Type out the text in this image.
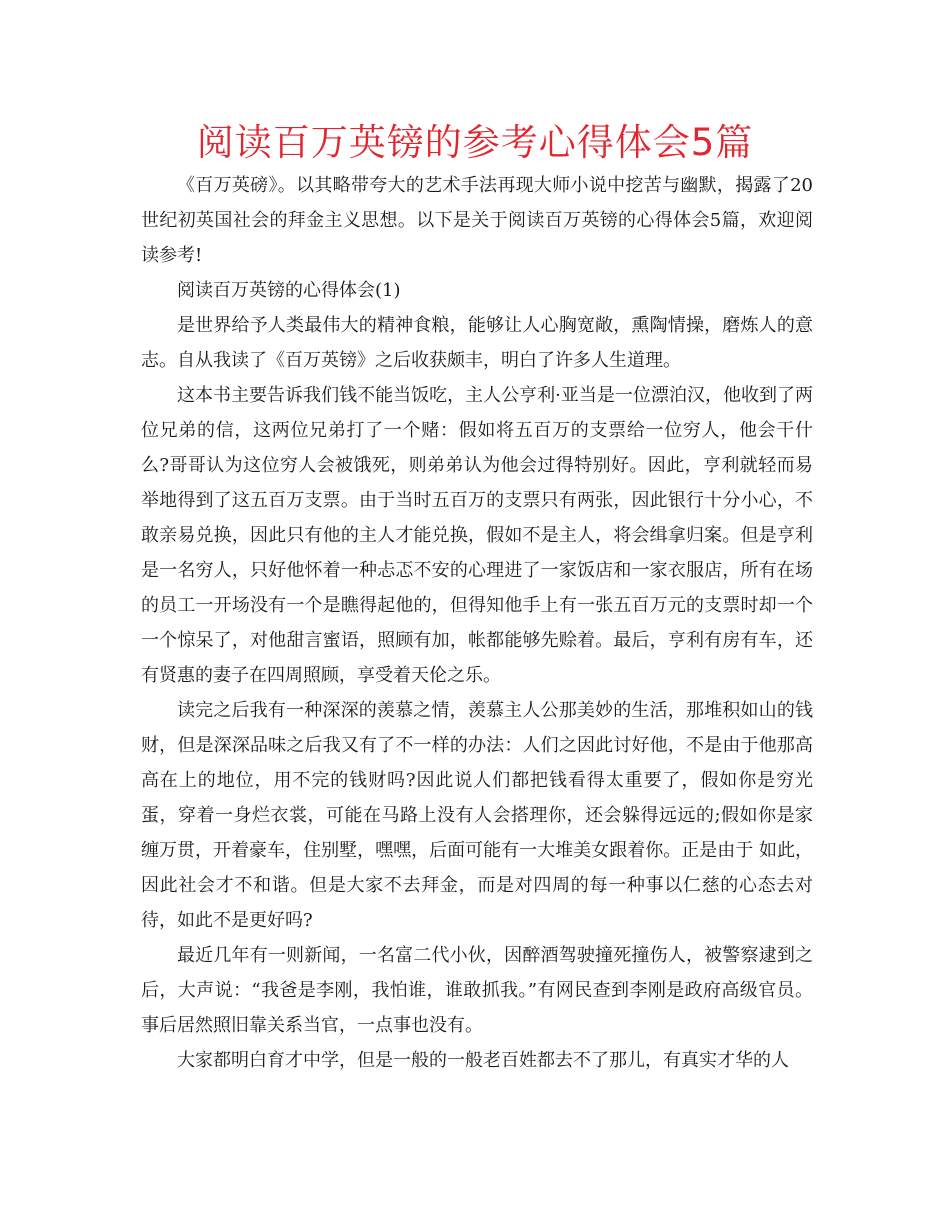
阅读百万英镑的参考心得体会5篇

《百万英磅》。以其略带夸大的艺术手法再现大师小说中挖苦与幽默，揭露了20世纪初英国社会的拜金主义思想。以下是关于阅读百万英镑的心得体会5篇，欢迎阅读参考!

阅读百万英镑的心得体会(1)

是世界给予人类最伟大的精神食粮，能够让人心胸宽敞，熏陶情操，磨炼人的意志。自从我读了《百万英镑》之后收获颇丰，明白了许多人生道理。

这本书主要告诉我们钱不能当饭吃，主人公亨利·亚当是一位漂泊汉，他收到了两位兄弟的信，这两位兄弟打了一个赌：假如将五百万的支票给一位穷人，他会干什么?哥哥认为这位穷人会被饿死，则弟弟认为他会过得特别好。因此，亨利就轻而易举地得到了这五百万支票。由于当时五百万的支票只有两张，因此银行十分小心，不敢亲易兑换，因此只有他的主人才能兑换，假如不是主人，将会缉拿归案。但是亨利是一名穷人，只好他怀着一种忐忑不安的心理进了一家饭店和一家衣服店，所有在场的员工一开场没有一个是瞧得起他的，但得知他手上有一张五百万元的支票时却一个一个惊呆了，对他甜言蜜语，照顾有加，帐都能够先赊着。最后，亨利有房有车，还有贤惠的妻子在四周照顾，享受着天伦之乐。

读完之后我有一种深深的羡慕之情，羡慕主人公那美妙的生活，那堆积如山的钱财，但是深深品味之后我又有了不一样的办法：人们之因此讨好他，不是由于他那高高在上的地位，用不完的钱财吗?因此说人们都把钱看得太重要了，假如你是穷光蛋，穿着一身烂衣裳，可能在马路上没有人会搭理你，还会躲得远远的;假如你是家缠万贯，开着豪车，住别墅，嘿嘿，后面可能有一大堆美女跟着你。正是由于 如此，因此社会才不和谐。但是大家不去拜金，而是对四周的每一种事以仁慈的心态去对待，如此不是更好吗?

最近几年有一则新闻，一名富二代小伙，因醉酒驾驶撞死撞伤人，被警察逮到之后，大声说：“我爸是李刚，我怕谁，谁敢抓我。”有网民查到李刚是政府高级官员。事后居然照旧靠关系当官，一点事也没有。

大家都明白育才中学，但是一般的一般老百姓都去不了那儿，有真实才华的人
